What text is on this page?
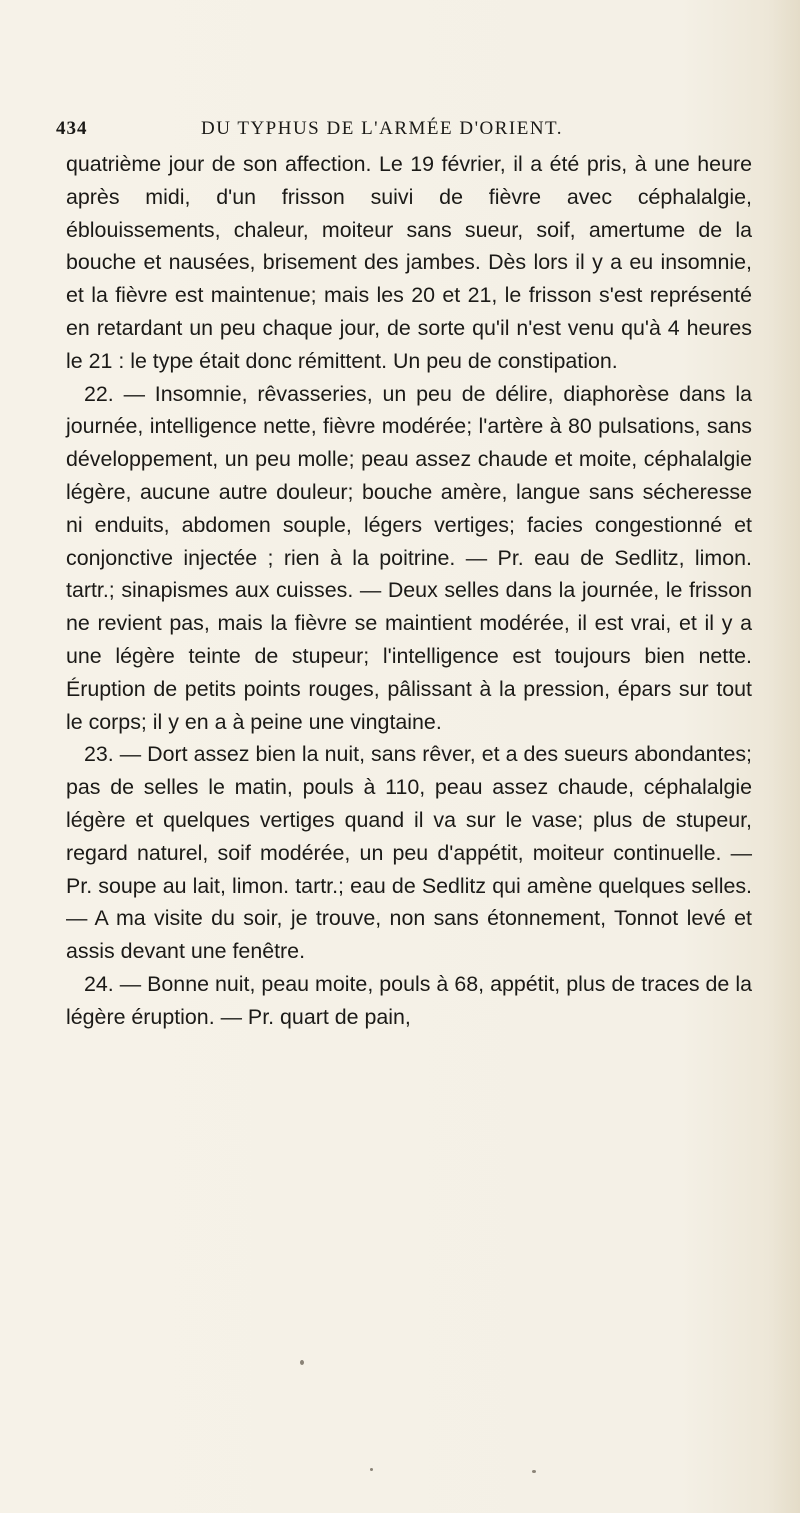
434	DU TYPHUS DE L'ARMÉE D'ORIENT.

quatrième jour de son affection. Le 19 février, il a été pris, à une heure après midi, d'un frisson suivi de fièvre avec céphalalgie, éblouissements, chaleur, moiteur sans sueur, soif, amertume de la bouche et nausées, brisement des jambes. Dès lors il y a eu insomnie, et la fièvre est maintenue; mais les 20 et 21, le frisson s'est représenté en retardant un peu chaque jour, de sorte qu'il n'est venu qu'à 4 heures le 21 : le type était donc rémittent. Un peu de constipation.

22. — Insomnie, rêvasseries, un peu de délire, diaphorèse dans la journée, intelligence nette, fièvre modérée; l'artère à 80 pulsations, sans développement, un peu molle; peau assez chaude et moite, céphalalgie légère, aucune autre douleur; bouche amère, langue sans sécheresse ni enduits, abdomen souple, légers vertiges; facies congestionné et conjonctive injectée ; rien à la poitrine. — Pr. eau de Sedlitz, limon. tartr.; sinapismes aux cuisses. — Deux selles dans la journée, le frisson ne revient pas, mais la fièvre se maintient modérée, il est vrai, et il y a une légère teinte de stupeur; l'intelligence est toujours bien nette. Éruption de petits points rouges, pâlissant à la pression, épars sur tout le corps; il y en a à peine une vingtaine.

23. — Dort assez bien la nuit, sans rêver, et a des sueurs abondantes; pas de selles le matin, pouls à 110, peau assez chaude, céphalalgie légère et quelques vertiges quand il va sur le vase; plus de stupeur, regard naturel, soif modérée, un peu d'appétit, moiteur continuelle. — Pr. soupe au lait, limon. tartr.; eau de Sedlitz qui amène quelques selles. — A ma visite du soir, je trouve, non sans étonnement, Tonnot levé et assis devant une fenêtre.

24. — Bonne nuit, peau moite, pouls à 68, appétit, plus de traces de la légère éruption. — Pr. quart de pain,
